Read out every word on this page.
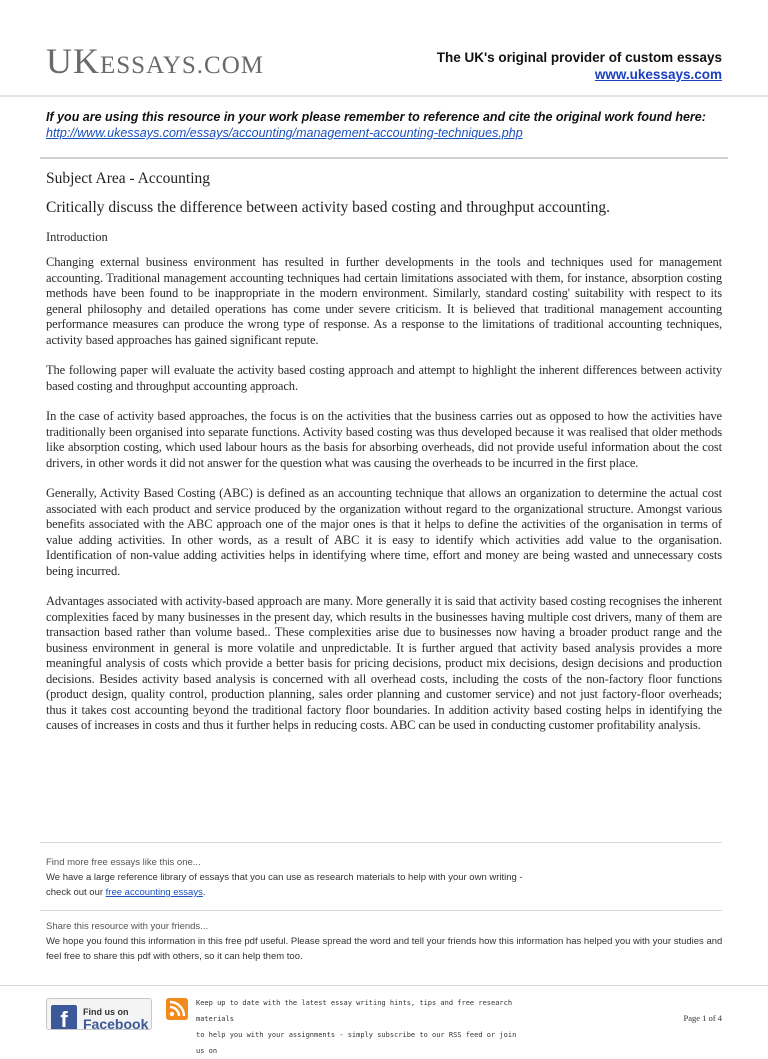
UKESSAYS.COM	The UK's original provider of custom essays
www.ukessays.com
If you are using this resource in your work please remember to reference and cite the original work found here:
http://www.ukessays.com/essays/accounting/management-accounting-techniques.php
Subject Area - Accounting
Critically discuss the difference between activity based costing and throughput accounting.
Introduction

Changing external business environment has resulted in further developments in the tools and techniques used for management accounting. Traditional management accounting techniques had certain limitations associated with them, for instance, absorption costing methods have been found to be inappropriate in the modern environment. Similarly, standard costing' suitability with respect to its general philosophy and detailed operations has come under severe criticism. It is believed that traditional management accounting performance measures can produce the wrong type of response. As a response to the limitations of traditional accounting techniques, activity based approaches has gained significant repute.

The following paper will evaluate the activity based costing approach and attempt to highlight the inherent differences between activity based costing and throughput accounting approach.

In the case of activity based approaches, the focus is on the activities that the business carries out as opposed to how the activities have traditionally been organised into separate functions. Activity based costing was thus developed because it was realised that older methods like absorption costing, which used labour hours as the basis for absorbing overheads, did not provide useful information about the cost drivers, in other words it did not answer for the question what was causing the overheads to be incurred in the first place.

Generally, Activity Based Costing (ABC) is defined as an accounting technique that allows an organization to determine the actual cost associated with each product and service produced by the organization without regard to the organizational structure. Amongst various benefits associated with the ABC approach one of the major ones is that it helps to define the activities of the organisation in terms of value adding activities. In other words, as a result of ABC it is easy to identify which activities add value to the organisation. Identification of non-value adding activities helps in identifying where time, effort and money are being wasted and unnecessary costs being incurred.

Advantages associated with activity-based approach are many. More generally it is said that activity based costing recognises the inherent complexities faced by many businesses in the present day, which results in the businesses having multiple cost drivers, many of them are transaction based rather than volume based.. These complexities arise due to businesses now having a broader product range and the business environment in general is more volatile and unpredictable. It is further argued that activity based analysis provides a more meaningful analysis of costs which provide a better basis for pricing decisions, product mix decisions, design decisions and production decisions. Besides activity based analysis is concerned with all overhead costs, including the costs of the non-factory floor functions (product design, quality control, production planning, sales order planning and customer service) and not just factory-floor overheads; thus it takes cost accounting beyond the traditional factory floor boundaries. In addition activity based costing helps in identifying the causes of increases in costs and thus it further helps in reducing costs. ABC can be used in conducting customer profitability analysis.

Find more free essays like this one...
We have a large reference library of essays that you can use as research materials to help with your own writing -
check out our free accounting essays.
Share this resource with your friends...
We hope you found this information in this free pdf useful. Please spread the word and tell your friends how this information has helped you with your studies and feel free to share this pdf with others, so it can help them too.
f	Find us on
Facebook
Keep up to date with the latest essay writing hints, tips and free research materials
to help you with your assignments - simply subscribe to our RSS feed or join us on
Page 1 of 4
